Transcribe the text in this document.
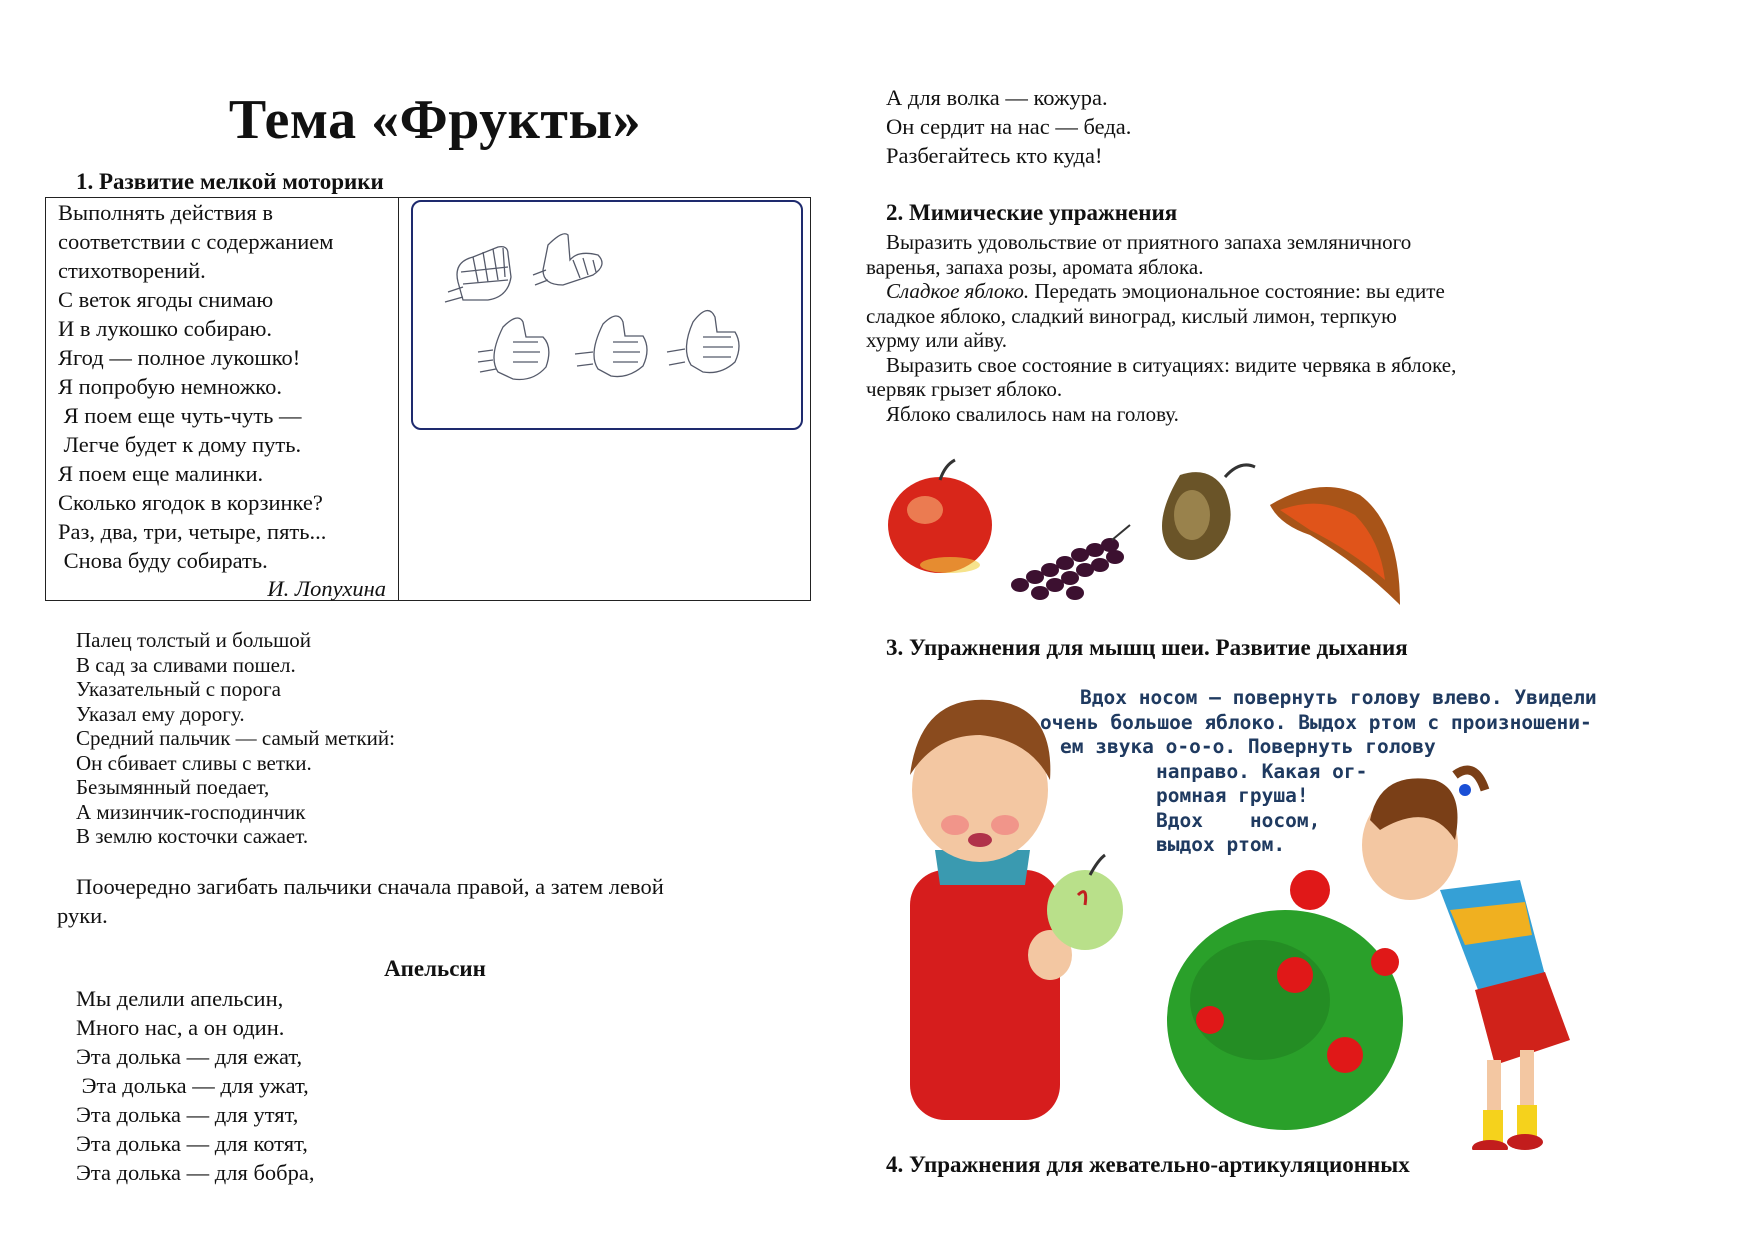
Тема «Фрукты»
1. Развитие мелкой моторики
Выполнять действия в
соответствии с содержанием
стихотворений.
С веток ягоды снимаю
И в лукошко собираю.
Ягод — полное лукошко!
Я попробую немножко.
Я поем еще чуть-чуть —
Легче будет к дому путь.
Я поем еще малинки.
Сколько ягодок в корзинке?
Раз, два, три, четыре, пять...
Снова буду собирать.
И. Лопухина
Палец толстый и большой
В сад за сливами пошел.
Указательный с порога
Указал ему дорогу.
Средний пальчик — самый меткий:
Он сбивает сливы с ветки.
Безымянный поедает,
А мизинчик-господинчик
В землю косточки сажает.
Поочередно загибать пальчики сначала правой, а затем левой
руки.
Апельсин
Мы делили апельсин,
Много нас, а он один.
Эта долька — для ежат,
Эта долька — для ужат,
Эта долька — для утят,
Эта долька — для котят,
Эта долька — для бобра,
А для волка — кожура.
Он сердит на нас — беда.
Разбегайтесь кто куда!
2. Мимические упражнения
Выразить удовольствие от приятного запаха земляничного
варенья, запаха розы, аромата яблока.
Сладкое яблоко. Передать эмоциональное состояние: вы едите
сладкое яблоко, сладкий виноград, кислый лимон, терпкую
хурму или айву.
Выразить свое состояние в ситуациях: видите червяка в яблоке,
червяк грызет яблоко.
Яблоко свалилось нам на голову.
3. Упражнения для мышц шеи. Развитие дыхания
Вдох носом — повернуть голову влево. Увидели
очень большое яблоко. Выдох ртом с произношени-
ем звука о-о-о. Повернуть голову
направо. Какая ог-
ромная груша!
Вдох    носом,
выдох ртом.
4. Упражнения для жевательно-артикуляционных
